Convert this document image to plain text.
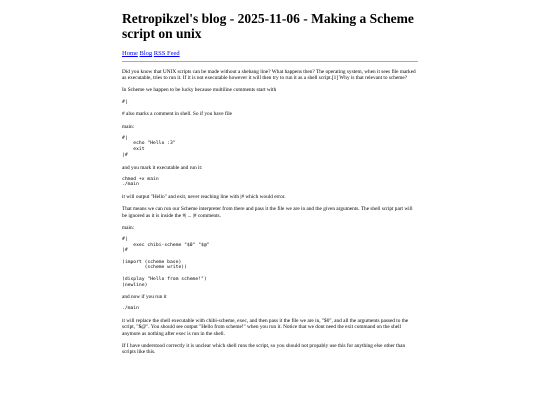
Retropikzel's blog - 2025-11-06 - Making a Scheme script on unix
Home Blog RSS Feed

Did you know that UNIX scripts can be made without a shebang line? What happens then? The operating system, when it sees file marked as executable, tries to run it. If it is not executable however it will then try to run it as a shell script.[1] Why is that relevant to scheme?

In Scheme we happen to be lucky because multiline comments start with

#|

# also marks a comment in shell. So if you have file

main:

#|
echo "Hello :3"
exit
|#

and you mark it executable and run it:

chmod +x main
./main

it will output "Hello" and exit, never reaching line with |# which would error.

That means we can run our Scheme interpreter from there and pass it the file we are in and the given arguments. The shell script part will be ignored as it is inside the #| ... |# comments.

main:

#|
exec chibi-scheme "$0" "$@"
|#

(import (scheme base)
(scheme write))

(display "Hello from scheme!")
(newline)

and now if you run it

./main

it will replace the shell executable with chibi-scheme, exec, and then pass it the file we are in, "$0", and all the arguments passed to the script, "$@". You should see output "Hello from scheme!" when you run it. Notice that we dont need the exit command on the shell anymore as nothing after exec is run in the shell.

If I have understood correctly it is unclear which shell runs the script, so you should not propably use this for anything else other than scripts like this.
